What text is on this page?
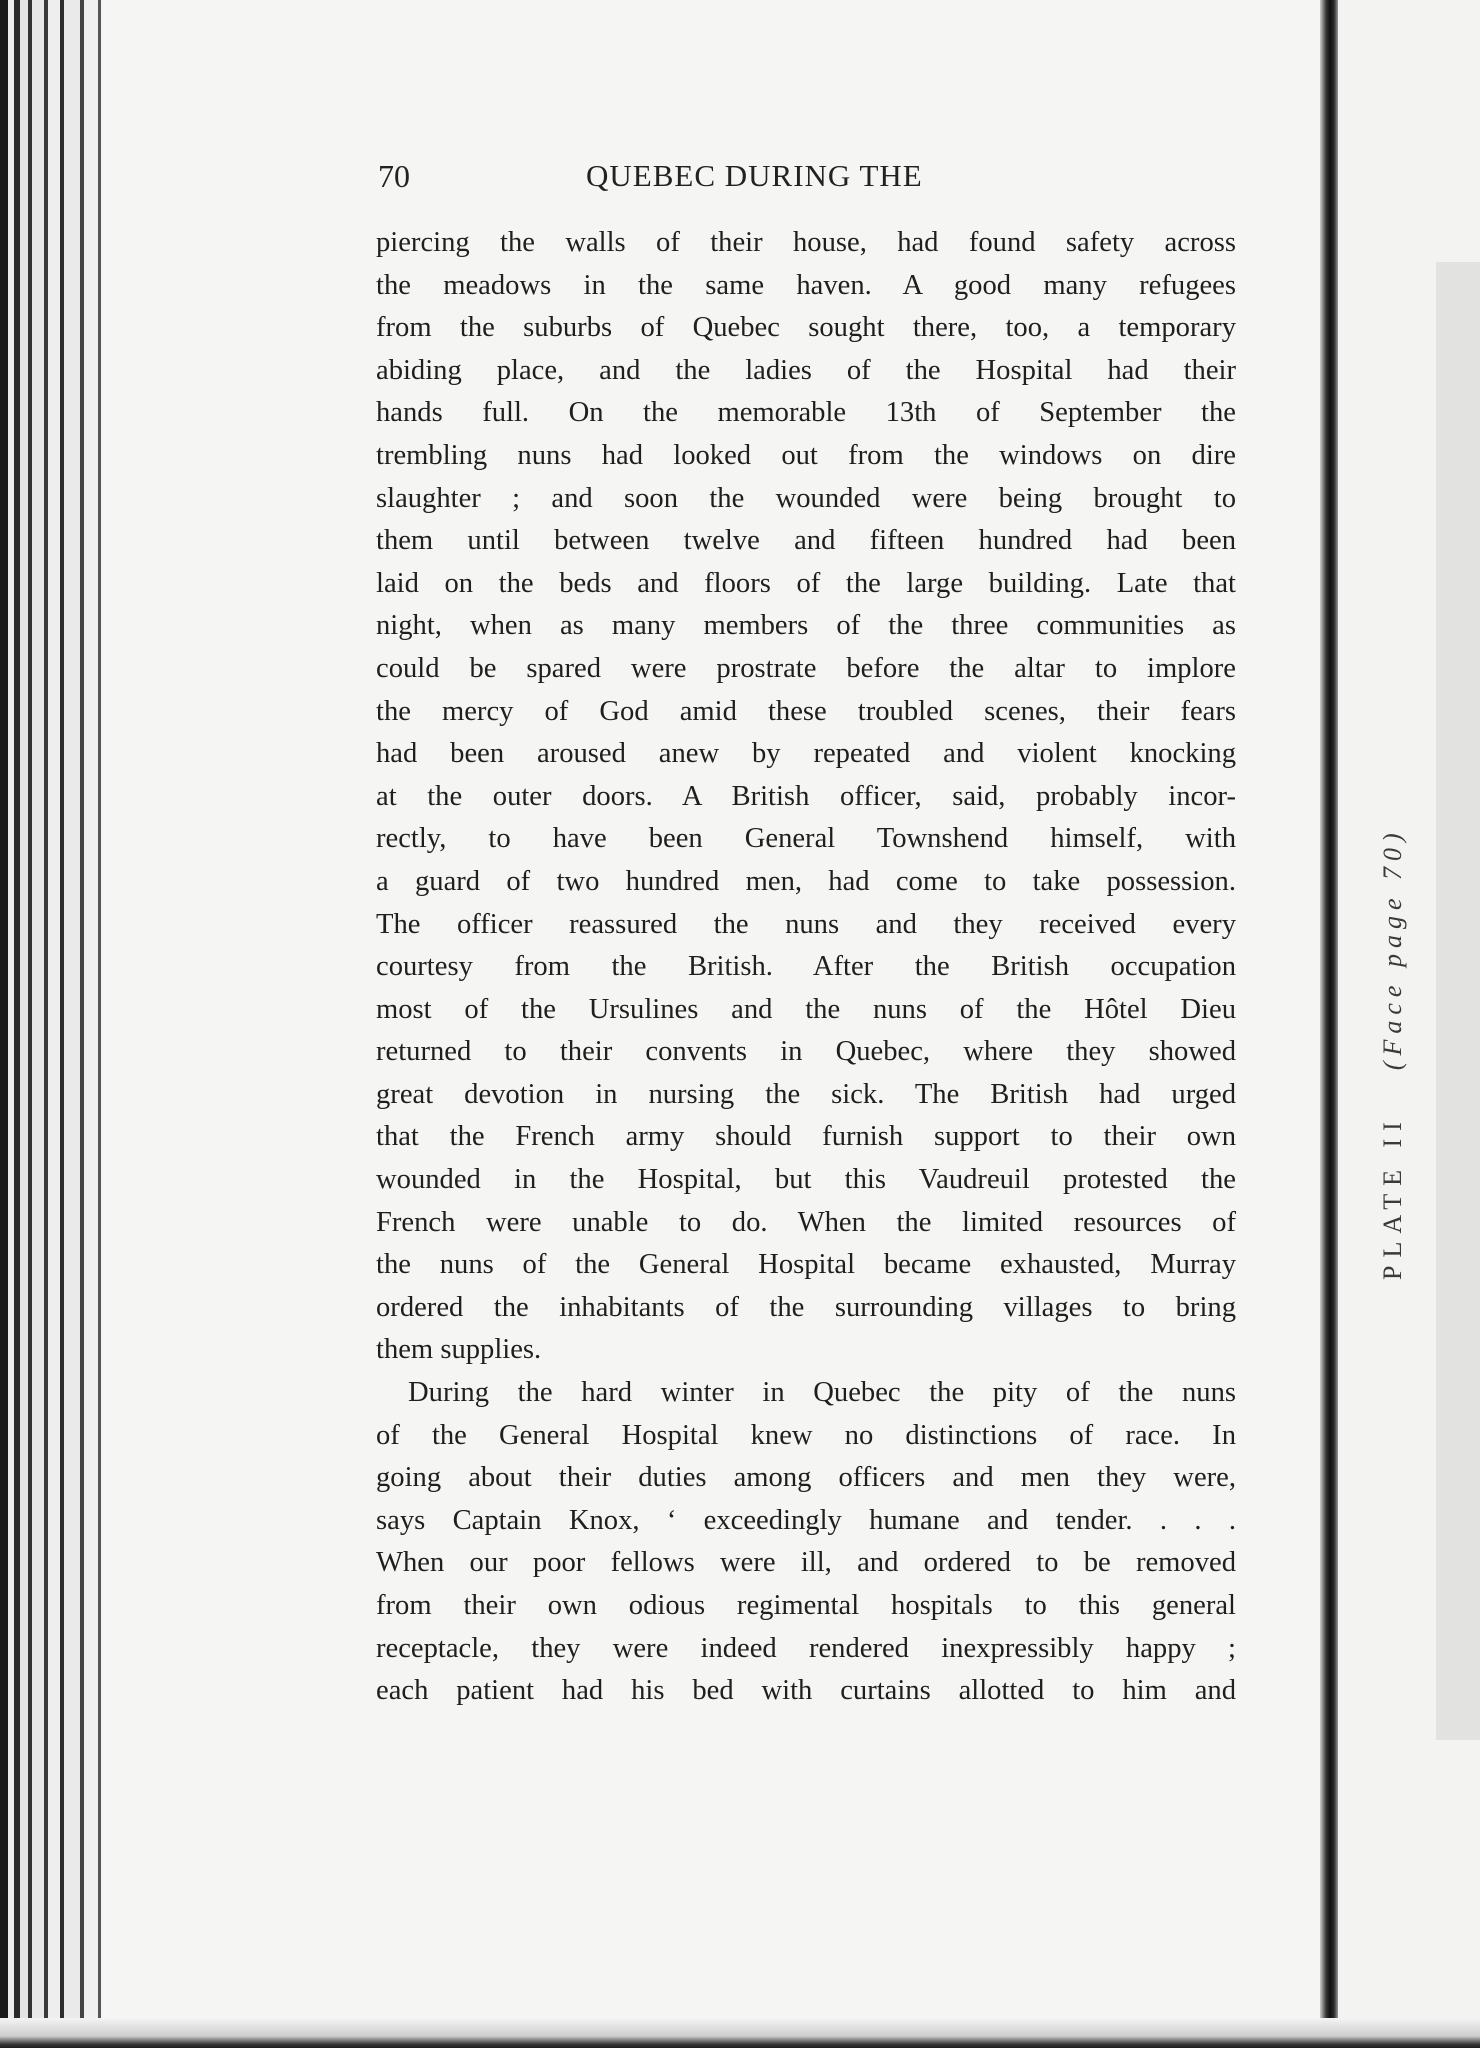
PLATE II(Face page 70)
70	QUEBEC DURING THE
piercing the walls of their house, had found safety across
the meadows in the same haven. A good many refugees
from the suburbs of Quebec sought there, too, a temporary
abiding place, and the ladies of the Hospital had their
hands full. On the memorable 13th of September the
trembling nuns had looked out from the windows on dire
slaughter ; and soon the wounded were being brought to
them until between twelve and fifteen hundred had been
laid on the beds and floors of the large building. Late that
night, when as many members of the three communities as
could be spared were prostrate before the altar to implore
the mercy of God amid these troubled scenes, their fears
had been aroused anew by repeated and violent knocking
at the outer doors. A British officer, said, probably incor-
rectly, to have been General Townshend himself, with
a guard of two hundred men, had come to take possession.
The officer reassured the nuns and they received every
courtesy from the British. After the British occupation
most of the Ursulines and the nuns of the Hôtel Dieu
returned to their convents in Quebec, where they showed
great devotion in nursing the sick. The British had urged
that the French army should furnish support to their own
wounded in the Hospital, but this Vaudreuil protested the
French were unable to do. When the limited resources of
the nuns of the General Hospital became exhausted, Murray
ordered the inhabitants of the surrounding villages to bring
them supplies.
During the hard winter in Quebec the pity of the nuns
of the General Hospital knew no distinctions of race. In
going about their duties among officers and men they were,
says Captain Knox, ‘ exceedingly humane and tender. . . .
When our poor fellows were ill, and ordered to be removed
from their own odious regimental hospitals to this general
receptacle, they were indeed rendered inexpressibly happy ;
each patient had his bed with curtains allotted to him and
